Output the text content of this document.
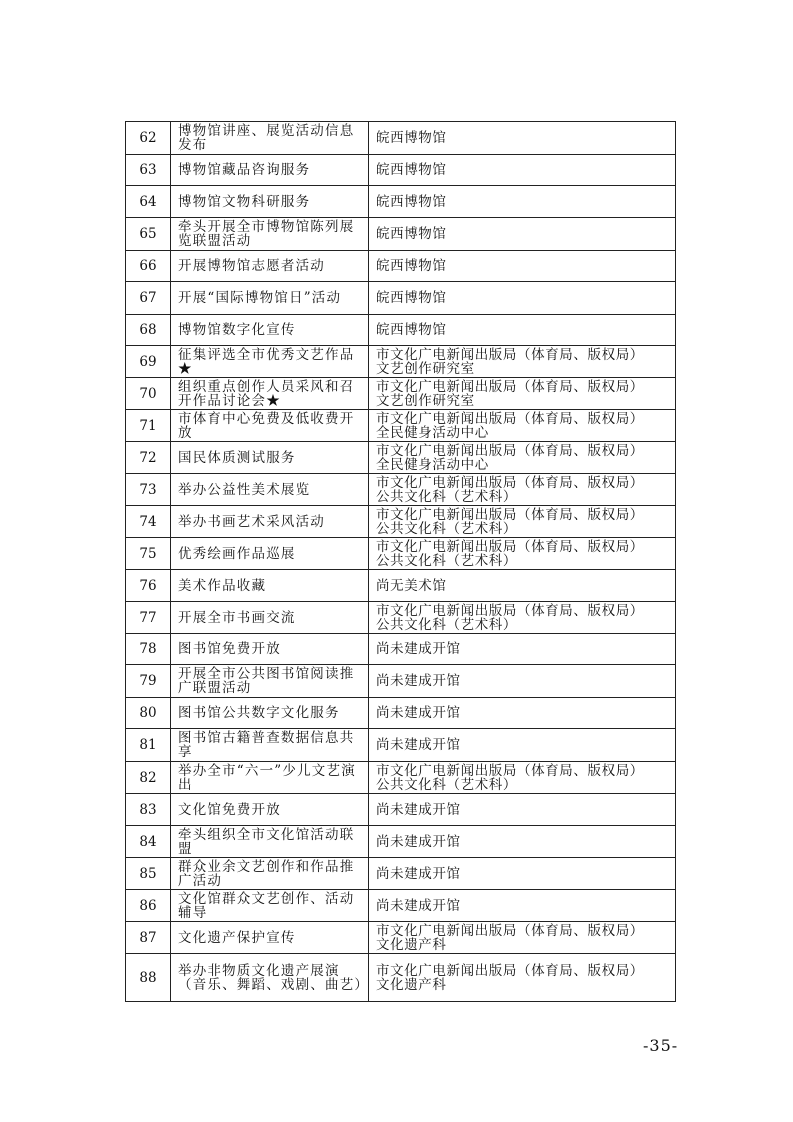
62	博物馆讲座、展览活动信息发布	皖西博物馆

63	博物馆藏品咨询服务	皖西博物馆

64	博物馆文物科研服务	皖西博物馆

65	牵头开展全市博物馆陈列展览联盟活动	皖西博物馆

66	开展博物馆志愿者活动	皖西博物馆

67	开展“国际博物馆日”活动	皖西博物馆

68	博物馆数字化宣传	皖西博物馆

69	征集评选全市优秀文艺作品★	市文化广电新闻出版局（体育局、版权局）
文艺创作研究室

70	组织重点创作人员采风和召开作品讨论会★	市文化广电新闻出版局（体育局、版权局）
文艺创作研究室

71	市体育中心免费及低收费开放	市文化广电新闻出版局（体育局、版权局）
全民健身活动中心

72	国民体质测试服务	市文化广电新闻出版局（体育局、版权局）
全民健身活动中心

73	举办公益性美术展览	市文化广电新闻出版局（体育局、版权局）
公共文化科（艺术科）

74	举办书画艺术采风活动	市文化广电新闻出版局（体育局、版权局）
公共文化科（艺术科）

75	优秀绘画作品巡展	市文化广电新闻出版局（体育局、版权局）
公共文化科（艺术科）

76	美术作品收藏	尚无美术馆

77	开展全市书画交流	市文化广电新闻出版局（体育局、版权局）
公共文化科（艺术科）

78	图书馆免费开放	尚未建成开馆

79	开展全市公共图书馆阅读推广联盟活动	尚未建成开馆

80	图书馆公共数字文化服务	尚未建成开馆

81	图书馆古籍普查数据信息共享	尚未建成开馆

82	举办全市“六一”少儿文艺演出	市文化广电新闻出版局（体育局、版权局）
公共文化科（艺术科）

83	文化馆免费开放	尚未建成开馆

84	牵头组织全市文化馆活动联盟	尚未建成开馆

85	群众业余文艺创作和作品推广活动	尚未建成开馆

86	文化馆群众文艺创作、活动辅导	尚未建成开馆

87	文化遗产保护宣传	市文化广电新闻出版局（体育局、版权局）
文化遗产科

88	举办非物质文化遗产展演（音乐、舞蹈、戏剧、曲艺）	市文化广电新闻出版局（体育局、版权局）
文化遗产科
-35-
